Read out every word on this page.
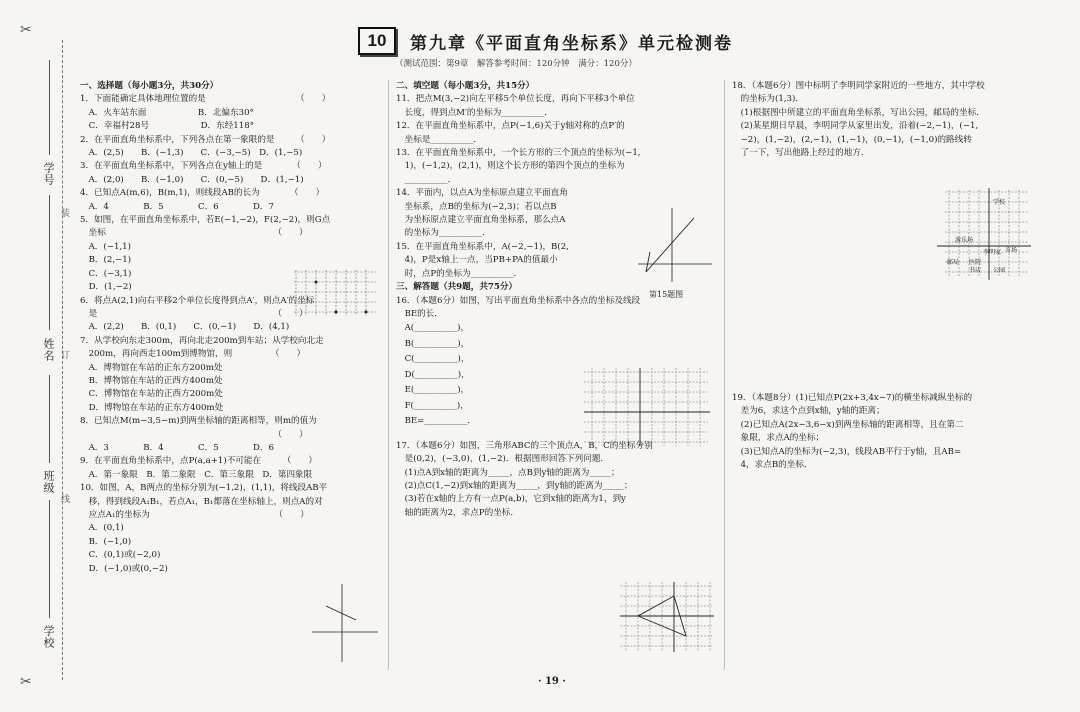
✂
✂
学号
姓名
班级
学校
装
订
线
10	第九章《平面直角坐标系》单元检测卷
（测试范围：第9章　解答参考时间：120分钟　满分：120分）
一、选择题（每小题3分，共30分）
1．下面能确定具体地理位置的是　　　　　　　　　　　（　　）
　A．火车站东面　　　　　　B．北偏东30°
　C．幸福村28号　　　　　　D．东经118°
2．在平面直角坐标系中，下列各点在第一象限的是　　　（　　）
　A．(2,5)　　B．(−1,3)　　C．(−3,−5)　D．(1,−5)
3．在平面直角坐标系中，下列各点在y轴上的是　　　　（　　）
　A．(2,0)　　B．(−1,0)　　C．(0,−5)　　D．(1,−1)
4．已知点A(m,6)，B(m,1)，则线段AB的长为　　　　（　　）
　A．4　　　　B．5　　　　C．6　　　　D．7
5．如图，在平面直角坐标系中，若E(−1,−2)，F(2,−2)，则G点
　坐标　　　　　　　　　　　　　　　　　　　　（　　）
　A．(−1,1)
　B．(2,−1)
　C．(−3,1)
　D．(1,−2)
6．将点A(2,1)向右平移2个单位长度得到点A′，则点A′的坐标
　是　　　　　　　　　　　　　　　　　　　　　（　　）
　A．(2,2)　　B．(0,1)　　C．(0,−1)　　D．(4,1)
7．从学校向东走300m，再向北走200m到车站；从学校向北走
　200m，再向西走100m到博物馆，则　　　　　（　　）
　A．博物馆在车站的正东方200m处
　B．博物馆在车站的正西方400m处
　C．博物馆在车站的正西方200m处
　D．博物馆在车站的正东方400m处
8．已知点M(m−3,5−m)到两坐标轴的距离相等，则m的值为
　　　　　　　　　　　　　　　　　　　　　　　（　　）
　A．3　　　　B．4　　　　C．5　　　　D．6
9．在平面直角坐标系中，点P(a,a+1)不可能在　　　（　　）
　A．第一象限　B．第二象限　C．第三象限　D．第四象限
10．如图，A，B两点的坐标分别为(−1,2)，(1,1)，将线段AB平
　移，得到线段A₁B₁，若点A₁，B₁都落在坐标轴上，则点A的对
　应点A₁的坐标为　　　　　　　　　　　　　　　（　　）
　A．(0,1)
　B．(−1,0)
　C．(0,1)或(−2,0)
　D．(−1,0)或(0,−2)
二、填空题（每小题3分，共15分）
11．把点M(3,−2)向左平移5个单位长度，再向下平移3个单位
　长度，得到点M′的坐标为__________．
12．在平面直角坐标系中，点P(−1,6)关于y轴对称的点P′的
　坐标是__________．
13．在平面直角坐标系中，一个长方形的三个顶点的坐标为(−1,
　1)，(−1,2)，(2,1)，则这个长方形的第四个顶点的坐标为
　__________．
14．平面内，以点A为坐标原点建立平面直角
　坐标系，点B的坐标为(−2,3)；若以点B
　为坐标原点建立平面直角坐标系，那么点A
　的坐标为__________．
15．在平面直角坐标系中，A(−2,−1)，B(2,
　4)，P是x轴上一点，当PB+PA的值最小
　时，点P的坐标为__________．
三、解答题（共9题，共75分）
16．（本题6分）如图，写出平面直角坐标系中各点的坐标及线段
　BE的长．
　A(__________)，
　B(__________)，
　C(__________)，
　D(__________)，
　E(__________)，
　F(__________)，
　BE=__________．
17．（本题6分）如图，三角形ABC的三个顶点A，B，C的坐标分别
　是(0,2)，(−3,0)，(1,−2)．根据图形回答下列问题．
　(1)点A到x轴的距离为_____，点B到y轴的距离为_____；
　(2)点C(1,−2)到x轴的距离为_____，到y轴的距离为_____；
　(3)若在x轴的上方有一点P(a,b)，它到x轴的距离为1，到y
　轴的距离为2，求点P的坐标．
第15题图
18．（本题6分）图中标明了李明同学家附近的一些地方，其中学校
　的坐标为(1,3)．
　(1)根据图中所建立的平面直角坐标系，写出公园，邮局的坐标．
　(2)某星期日早晨，李明同学从家里出发，沿着(−2,−1)，(−1,
　−2)，(1,−2)，(2,−1)，(1,−1)，(0,−1)，(−1,0)的路线转
　了一下，写出他路上经过的地方．
学校
游乐场
李明家 市场
邮局
公园
医院
书店
19．（本题8分）(1)已知点P(2x+3,4x−7)的横坐标减纵坐标的
　差为6，求这个点到x轴，y轴的距离；
　(2)已知点A(2x−3,6−x)到两坐标轴的距离相等，且在第二
　象限，求点A的坐标；
　(3)已知点A的坐标为(−2,3)，线段AB平行于y轴，且AB=
　4，求点B的坐标．
· 19 ·
